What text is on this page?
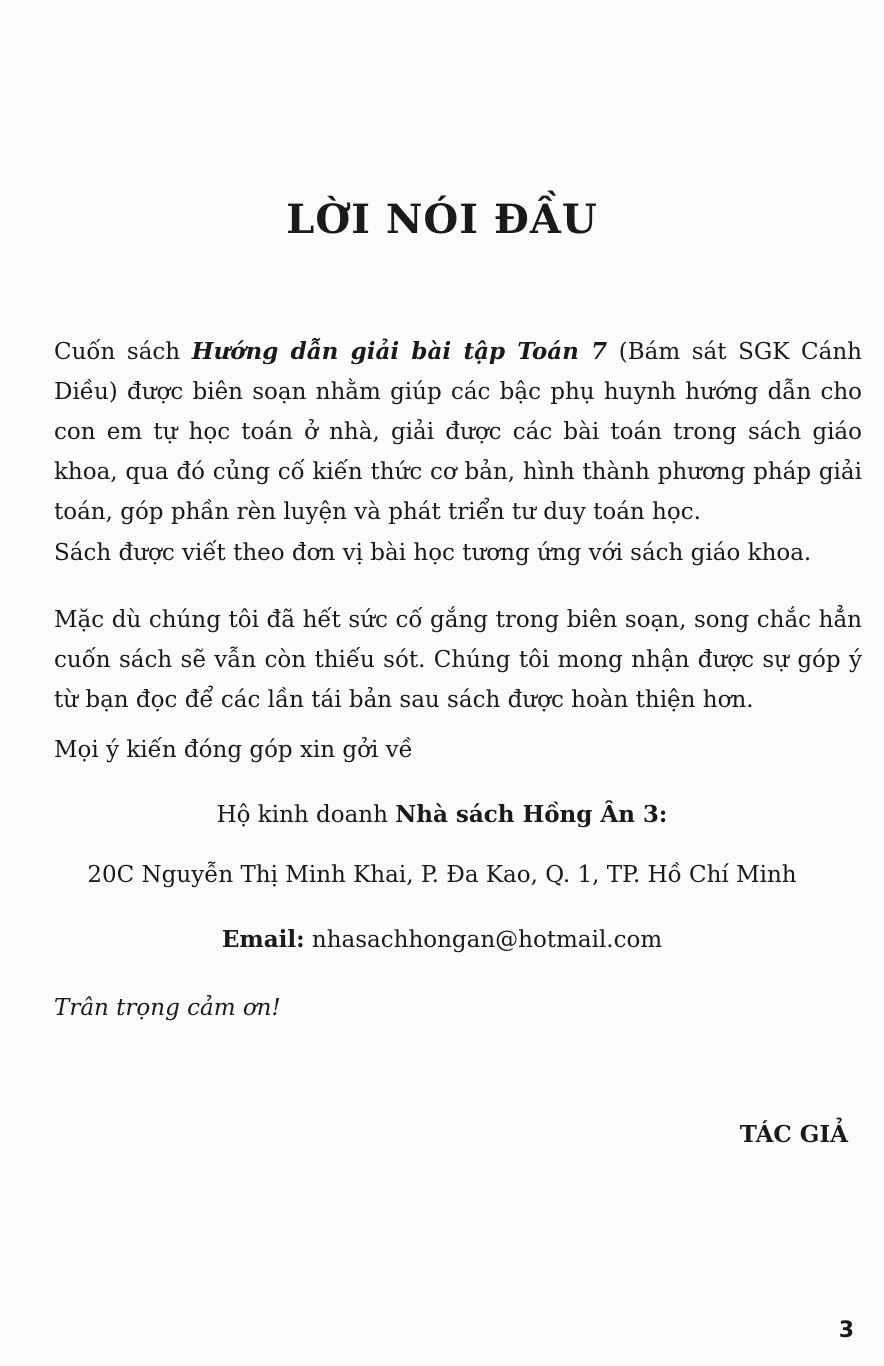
LỜI NÓI ĐẦU
Cuốn sách Hướng dẫn giải bài tập Toán 7 (Bám sát SGK Cánh Diều) được biên soạn nhằm giúp các bậc phụ huynh hướng dẫn cho con em tự học toán ở nhà, giải được các bài toán trong sách giáo khoa, qua đó củng cố kiến thức cơ bản, hình thành phương pháp giải toán, góp phần rèn luyện và phát triển tư duy toán học.
Sách được viết theo đơn vị bài học tương ứng với sách giáo khoa.
Mặc dù chúng tôi đã hết sức cố gắng trong biên soạn, song chắc hẳn cuốn sách sẽ vẫn còn thiếu sót. Chúng tôi mong nhận được sự góp ý từ bạn đọc để các lần tái bản sau sách được hoàn thiện hơn.
Mọi ý kiến đóng góp xin gởi về
Hộ kinh doanh Nhà sách Hồng Ân 3:
20C Nguyễn Thị Minh Khai, P. Đa Kao, Q. 1, TP. Hồ Chí Minh
Email: nhasachhongan@hotmail.com
Trân trọng cảm ơn!
TÁC GIẢ
3
